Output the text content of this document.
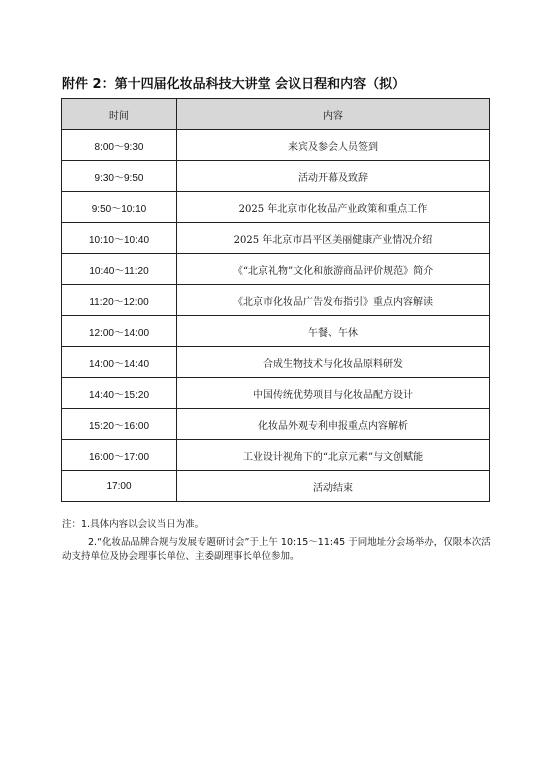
附件 2：第十四届化妆品科技大讲堂 会议日程和内容（拟）
时间	内容
8:00～9:30	来宾及参会人员签到
9:30～9:50	活动开幕及致辞
9:50～10:10	2025 年北京市化妆品产业政策和重点工作
10:10～10:40	2025 年北京市昌平区美丽健康产业情况介绍
10:40～11:20	《“北京礼物”文化和旅游商品评价规范》简介
11:20～12:00	《北京市化妆品广告发布指引》重点内容解读
12:00～14:00	午餐、午休
14:00～14:40	合成生物技术与化妆品原料研发
14:40～15:20	中国传统优势项目与化妆品配方设计
15:20～16:00	化妆品外观专利申报重点内容解析
16:00～17:00	工业设计视角下的“北京元素”与文创赋能
17:00	活动结束

注：1.具体内容以会议当日为准。

2.“化妆品品牌合规与发展专题研讨会”于上午 10:15～11:45 于同地址分会场举办，仅限本次活动支持单位及协会理事长单位、主委副理事长单位参加。
